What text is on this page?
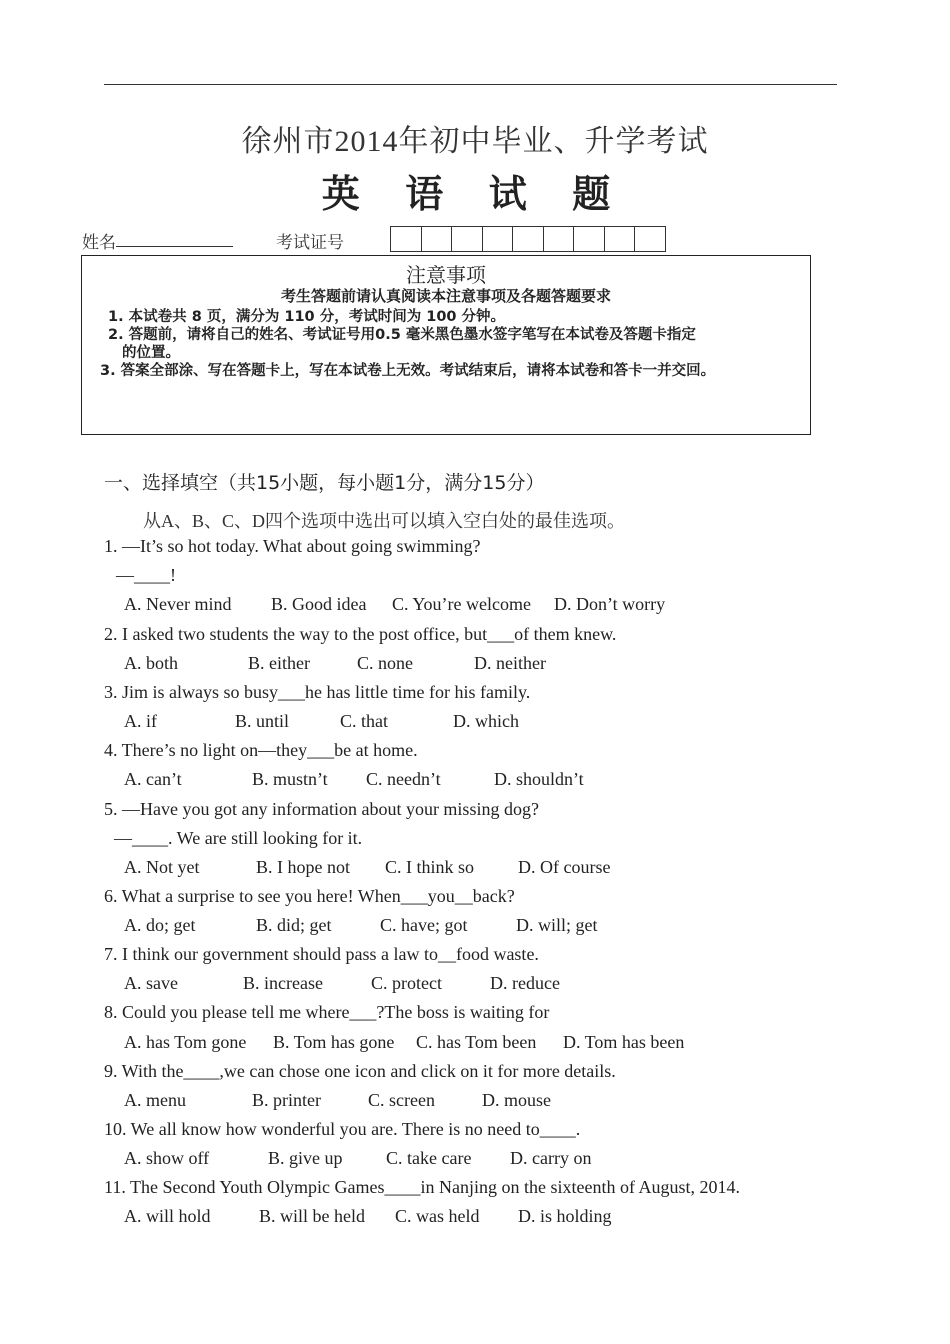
徐州市2014年初中毕业、升学考试
英 语 试 题
姓名	考试证号
注意事项
考生答题前请认真阅读本注意事项及各题答题要求
1. 本试卷共 8 页，满分为 110 分，考试时间为 100 分钟。
2. 答题前，请将自己的姓名、考试证号用0.5 毫米黑色墨水签字笔写在本试卷及答题卡指定
的位置。
3. 答案全部涂、写在答题卡上，写在本试卷上无效。考试结束后，请将本试卷和答卡一并交回。
一、选择填空（共15小题，每小题1分，满分15分）
从A、B、C、D四个选项中选出可以填入空白处的最佳选项。
1. —It’s so hot today. What about going swimming?
—____!
A. Never mind B. Good idea C. You’re welcome D. Don’t worry
2. I asked two students the way to the post office, but___of them knew.
A. both	B. either	C. none	D. neither
3. Jim is always so busy___he has little time for his family.
A. if	B. until	C. that	D. which
4. There’s no light on—they___be at home.
A. can’t	B. mustn’t C. needn’t	D. shouldn’t
5. —Have you got any information about your missing dog?
—____. We are still looking for it.
A. Not yet	B. I hope not C. I think so D. Of course
6. What a surprise to see you here! When___you__back?
A. do; get	B. did; get	C. have; got	D. will; get
7. I think our government should pass a law to__food waste.
A. save	B. increase	C. protect	D. reduce
8. Could you please tell me where___?The boss is waiting for
A. has Tom gone B. Tom has gone C. has Tom been D. Tom has been
9. With the____,we can chose one icon and click on it for more details.
A. menu	B. printer	C. screen	D. mouse
10. We all know how wonderful you are. There is no need to____.
A. show off	B. give up C. take care D. carry on
11. The Second Youth Olympic Games____in Nanjing on the sixteenth of August, 2014.
A. will hold	B. will be held C. was held D. is holding
